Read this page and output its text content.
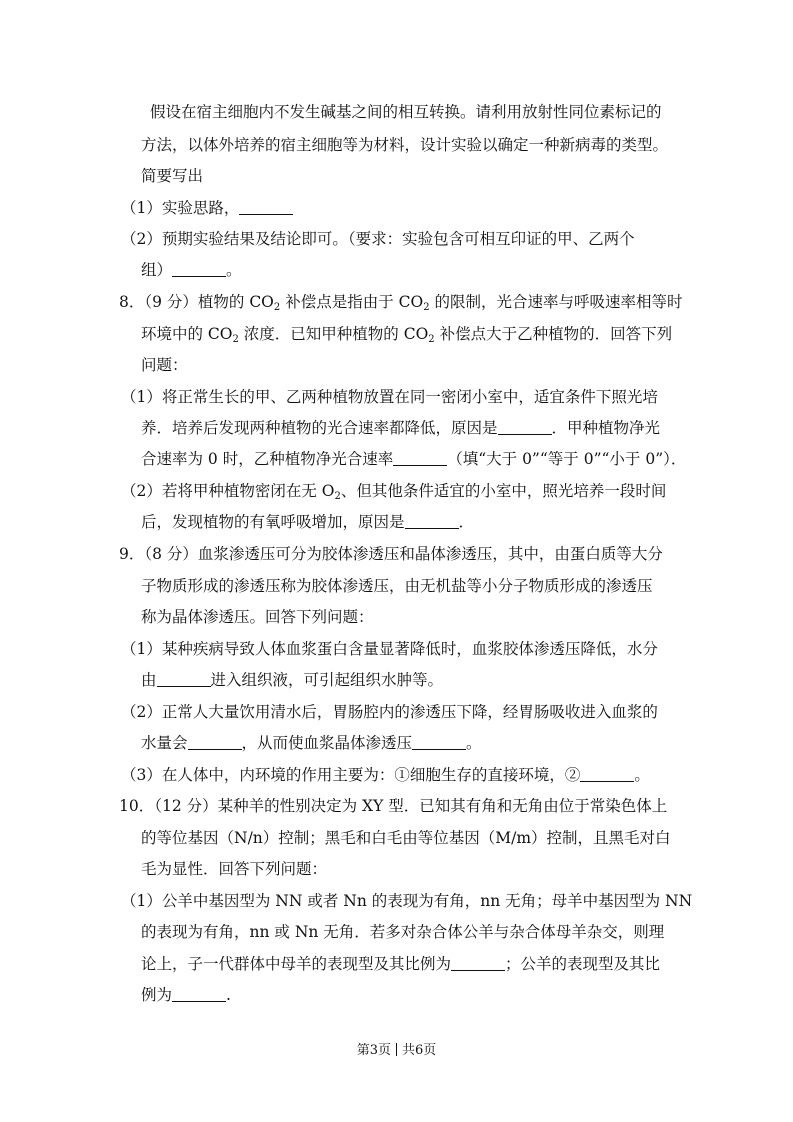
假设在宿主细胞内不发生碱基之间的相互转换。请利用放射性同位素标记的
方法，以体外培养的宿主细胞等为材料，设计实验以确定一种新病毒的类型。
简要写出
（1）实验思路，
（2）预期实验结果及结论即可。（要求：实验包含可相互印证的甲、乙两个
组）	。
8．（9 分）植物的 $CO_2$ 补偿点是指由于 $CO_2$ 的限制，光合速率与呼吸速率相等时
环境中的 $CO_2$ 浓度．已知甲种植物的 $CO_2$ 补偿点大于乙种植物的．回答下列
问题：
（1）将正常生长的甲、乙两种植物放置在同一密闭小室中，适宜条件下照光培
养．培养后发现两种植物的光合速率都降低，原因是	．甲种植物净光
合速率为 0 时，乙种植物净光合速率	（填“大于 0”“等于 0”“小于 0”）．
（2）若将甲种植物密闭在无 $O_2$、但其他条件适宜的小室中，照光培养一段时间
后，发现植物的有氧呼吸增加，原因是	．
9．（8 分）血浆渗透压可分为胶体渗透压和晶体渗透压，其中，由蛋白质等大分
子物质形成的渗透压称为胶体渗透压，由无机盐等小分子物质形成的渗透压
称为晶体渗透压。回答下列问题：
（1）某种疾病导致人体血浆蛋白含量显著降低时，血浆胶体渗透压降低，水分
由	进入组织液，可引起组织水肿等。
（2）正常人大量饮用清水后，胃肠腔内的渗透压下降，经胃肠吸收进入血浆的
水量会	，从而使血浆晶体渗透压	。
（3）在人体中，内环境的作用主要为：①细胞生存的直接环境，②	。
10．（12 分）某种羊的性别决定为 XY 型．已知其有角和无角由位于常染色体上
的等位基因（N/n）控制；黑毛和白毛由等位基因（M/m）控制，且黑毛对白
毛为显性．回答下列问题：
（1）公羊中基因型为 NN 或者 Nn 的表现为有角，nn 无角；母羊中基因型为 NN
的表现为有角，nn 或 Nn 无角．若多对杂合体公羊与杂合体母羊杂交，则理
论上，子一代群体中母羊的表现型及其比例为	；公羊的表现型及其比
例为	.
第3页 共6页
